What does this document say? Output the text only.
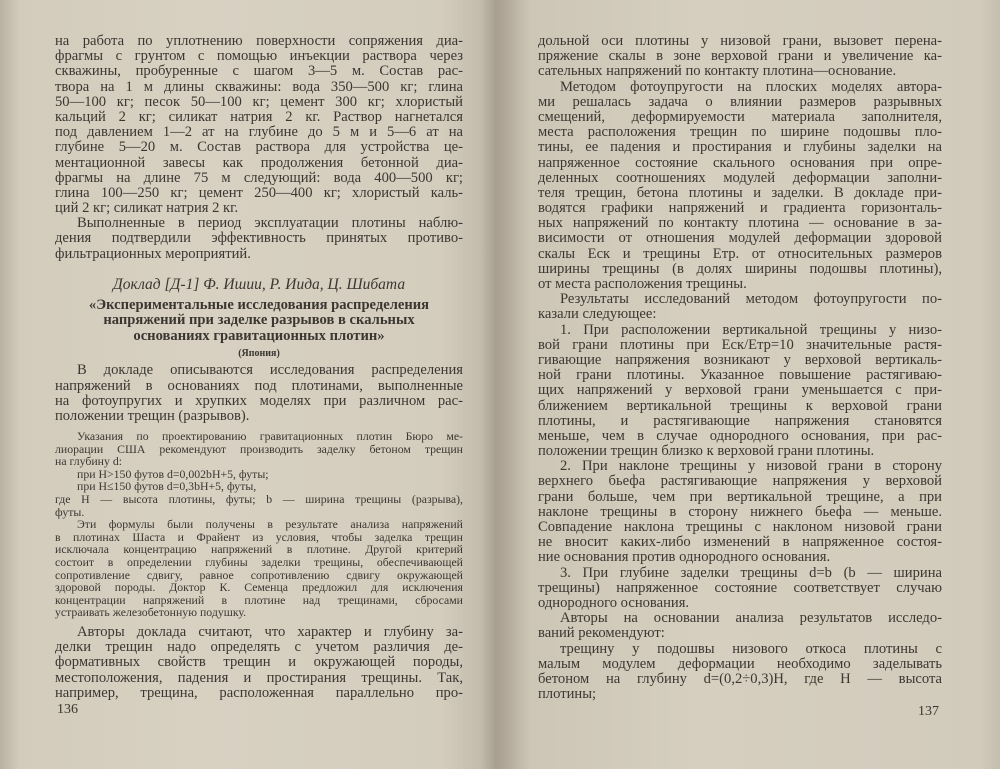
на работа по уплотнению поверхности сопряжения диа-
фрагмы с грунтом с помощью инъекции раствора через
скважины, пробуренные с шагом 3—5 м. Состав рас-
твора на 1 м длины скважины: вода 350—500 кг; глина
50—100 кг; песок 50—100 кг; цемент 300 кг; хлористый
кальций 2 кг; силикат натрия 2 кг. Раствор нагнетался
под давлением 1—2 ат на глубине до 5 м и 5—6 ат на
глубине 5—20 м. Состав раствора для устройства це-
ментационной завесы как продолжения бетонной диа-
фрагмы на длине 75 м следующий: вода 400—500 кг;
глина 100—250 кг; цемент 250—400 кг; хлористый каль-
ций 2 кг; силикат натрия 2 кг.
Выполненные в период эксплуатации плотины наблю-
дения подтвердили эффективность принятых противо-
фильтрационных мероприятий.
Доклад [Д-1] Ф. Ишии, Р. Иида, Ц. Шибата
«Экспериментальные исследования распределения
напряжений при заделке разрывов в скальных
основаниях гравитационных плотин»
(Япония)
В докладе описываются исследования распределения
напряжений в основаниях под плотинами, выполненные
на фотоупругих и хрупких моделях при различном рас-
положении трещин (разрывов).
Указания по проектированию гравитационных плотин Бюро ме-
лиорации США рекомендуют производить заделку бетоном трещин
на глубину d:
при H>150 футов d=0,002bH+5, футы;
при H≤150 футов d=0,3bH+5, футы,
где H — высота плотины, футы; b — ширина трещины (разрыва),
футы.
Эти формулы были получены в результате анализа напряжений
в плотинах Шаста и Фрайент из условия, чтобы заделка трещин
исключала концентрацию напряжений в плотине. Другой критерий
состоит в определении глубины заделки трещины, обеспечивающей
сопротивление сдвигу, равное сопротивлению сдвигу окружающей
здоровой породы. Доктор К. Семенца предложил для исключения
концентрации напряжений в плотине над трещинами, сбросами
устраивать железобетонную подушку.
Авторы доклада считают, что характер и глубину за-
делки трещин надо определять с учетом различия де-
формативных свойств трещин и окружающей породы,
местоположения, падения и простирания трещины. Так,
например, трещина, расположенная параллельно про-
136
дольной оси плотины у низовой грани, вызовет перена-
пряжение скалы в зоне верховой грани и увеличение ка-
сательных напряжений по контакту плотина—основание.
Методом фотоупругости на плоских моделях автора-
ми решалась задача о влиянии размеров разрывных
смещений, деформируемости материала заполнителя,
места расположения трещин по ширине подошвы пло-
тины, ее падения и простирания и глубины заделки на
напряженное состояние скального основания при опре-
деленных соотношениях модулей деформации заполни-
теля трещин, бетона плотины и заделки. В докладе при-
водятся графики напряжений и градиента горизонталь-
ных напряжений по контакту плотина — основание в за-
висимости от отношения модулей деформации здоровой
скалы Eск и трещины Eтр. от относительных размеров
ширины трещины (в долях ширины подошвы плотины),
от места расположения трещины.
Результаты исследований методом фотоупругости по-
казали следующее:
1. При расположении вертикальной трещины у низо-
вой грани плотины при Eск/Eтр=10 значительные растя-
гивающие напряжения возникают у верховой вертикаль-
ной грани плотины. Указанное повышение растягиваю-
щих напряжений у верховой грани уменьшается с при-
ближением вертикальной трещины к верховой грани
плотины, и растягивающие напряжения становятся
меньше, чем в случае однородного основания, при рас-
положении трещин близко к верховой грани плотины.
2. При наклоне трещины у низовой грани в сторону
верхнего бьефа растягивающие напряжения у верховой
грани больше, чем при вертикальной трещине, а при
наклоне трещины в сторону нижнего бьефа — меньше.
Совпадение наклона трещины с наклоном низовой грани
не вносит каких-либо изменений в напряженное состоя-
ние основания против однородного основания.
3. При глубине заделки трещины d=b (b — ширина
трещины) напряженное состояние соответствует случаю
однородного основания.
Авторы на основании анализа результатов исследо-
ваний рекомендуют:
трещину у подошвы низового откоса плотины с
малым модулем деформации необходимо заделывать
бетоном на глубину d=(0,2÷0,3)H, где H — высота
плотины;
137
